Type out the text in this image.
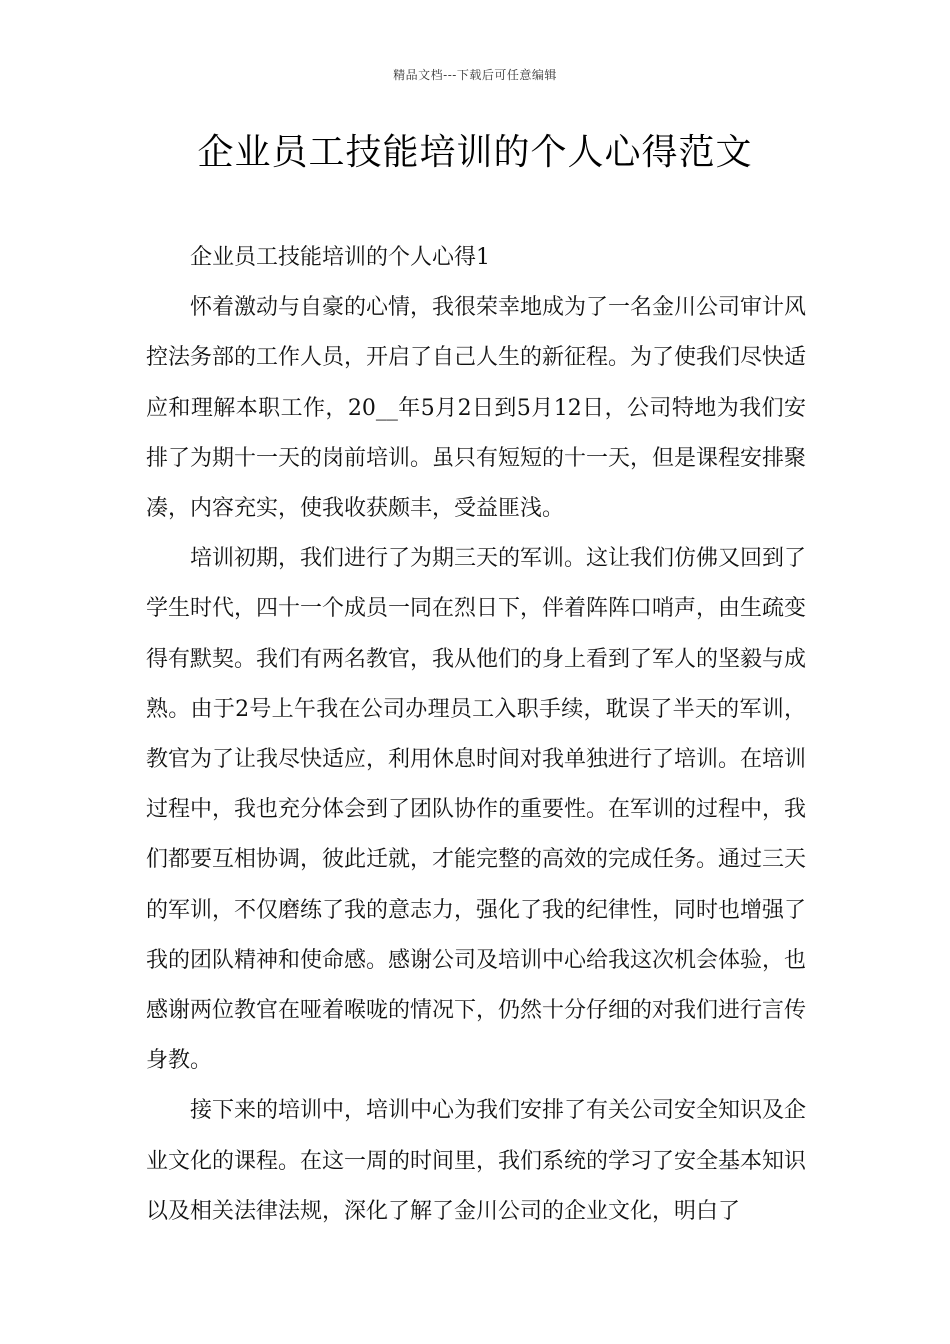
精品文档---下载后可任意编辑
企业员工技能培训的个人心得范文

企业员工技能培训的个人心得1

怀着激动与自豪的心情，我很荣幸地成为了一名金川公司审计风控法务部的工作人员，开启了自己人生的新征程。为了使我们尽快适应和理解本职工作，20__年5月2日到5月12日，公司特地为我们安排了为期十一天的岗前培训。虽只有短短的十一天，但是课程安排聚凑，内容充实，使我收获颇丰，受益匪浅。

培训初期，我们进行了为期三天的军训。这让我们仿佛又回到了学生时代，四十一个成员一同在烈日下，伴着阵阵口哨声，由生疏变得有默契。我们有两名教官，我从他们的身上看到了军人的坚毅与成熟。由于2号上午我在公司办理员工入职手续，耽误了半天的军训，教官为了让我尽快适应，利用休息时间对我单独进行了培训。在培训过程中，我也充分体会到了团队协作的重要性。在军训的过程中，我们都要互相协调，彼此迁就，才能完整的高效的完成任务。通过三天的军训，不仅磨练了我的意志力，强化了我的纪律性，同时也增强了我的团队精神和使命感。感谢公司及培训中心给我这次机会体验，也感谢两位教官在哑着喉咙的情况下，仍然十分仔细的对我们进行言传身教。

接下来的培训中，培训中心为我们安排了有关公司安全知识及企业文化的课程。在这一周的时间里，我们系统的学习了安全基本知识以及相关法律法规，深化了解了金川公司的企业文化，明白了
